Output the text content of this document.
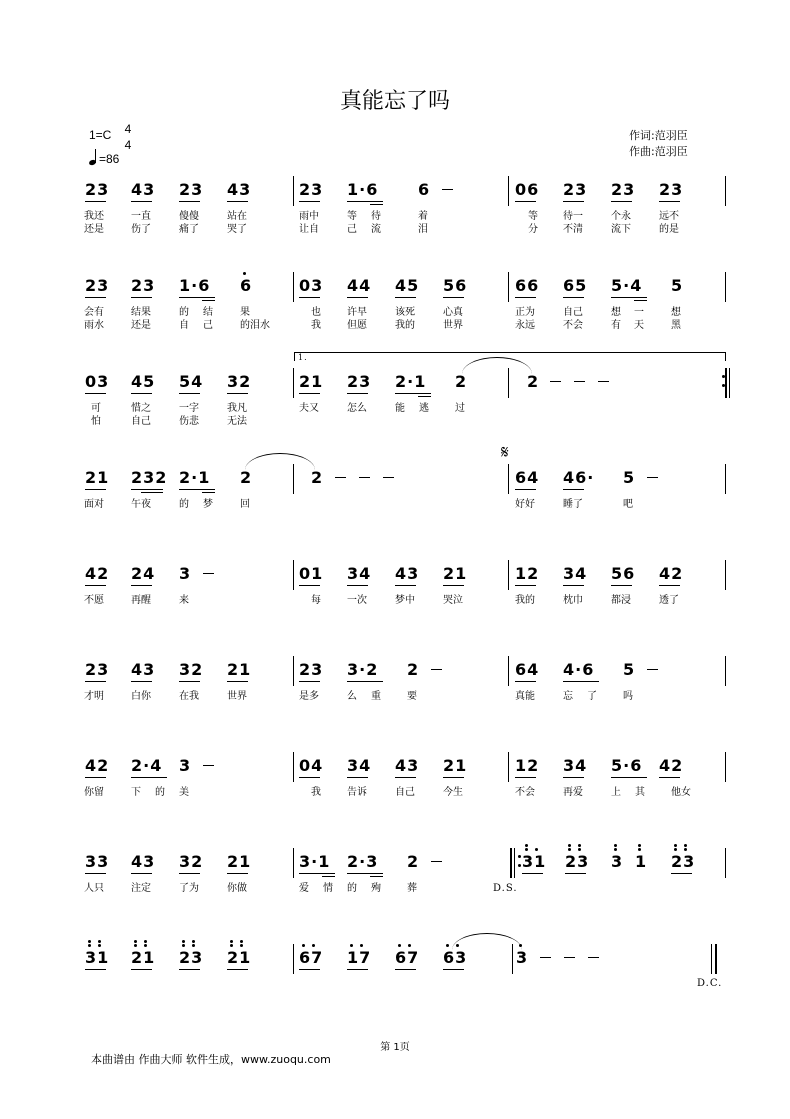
真能忘了吗
1=C	4
4
=86
作词:范羽臣
作曲:范羽臣
23 43 23 43	23 1·6 6	06 23 23 23
我还	一直	傻傻	站在	雨中	等 待	着	等	待一	个永	远不
还是	伤了	痛了	哭了	让自	己 流	泪	分	不清	流下	的是
23 23 1·6 6	03 44 45 56	66 65 5·4 5
会有	结果	的 结	果	也	许早	该死	心真	正为	自己	想 一	想
雨水	还是	自 己	的泪水	我	但愿	我的	世界	永远	不会	有 天	黑
1.
03 45 54 32	21 23 2·1 2	2
可	惜之	一字	我凡	夫又	怎么	能 逃	过
怕	自己	伤悲	无法
𝄋
21 232 2·1 2	2	64 46· 5
面对	午夜	的 梦	回	好好	睡了	吧
42 24 3	01 34 43 21	12 34 56 42
不愿	再醒	来	每	一次	梦中	哭泣	我的	枕巾	都浸	透了
23 43 32 21	23 3·2 2	64 4·6 5
才明	白你	在我	世界	是多	么 重	要	真能	忘 了	吗
42 2·4 3	04 34 43 21	12 34 5·6 42
你留	下 的 美	我	告诉	自己	今生	不会	再爱	上 其	他女
33 43 32 21	3·1 2·3 2	31 23 3 1 23
人只	注定	了为	你做	爱 情 的 殉	葬	D.S.
31 21 23 21	67 17 67 63	3
D.C.
第 1页
本曲谱由 作曲大师 软件生成，www.zuoqu.com
